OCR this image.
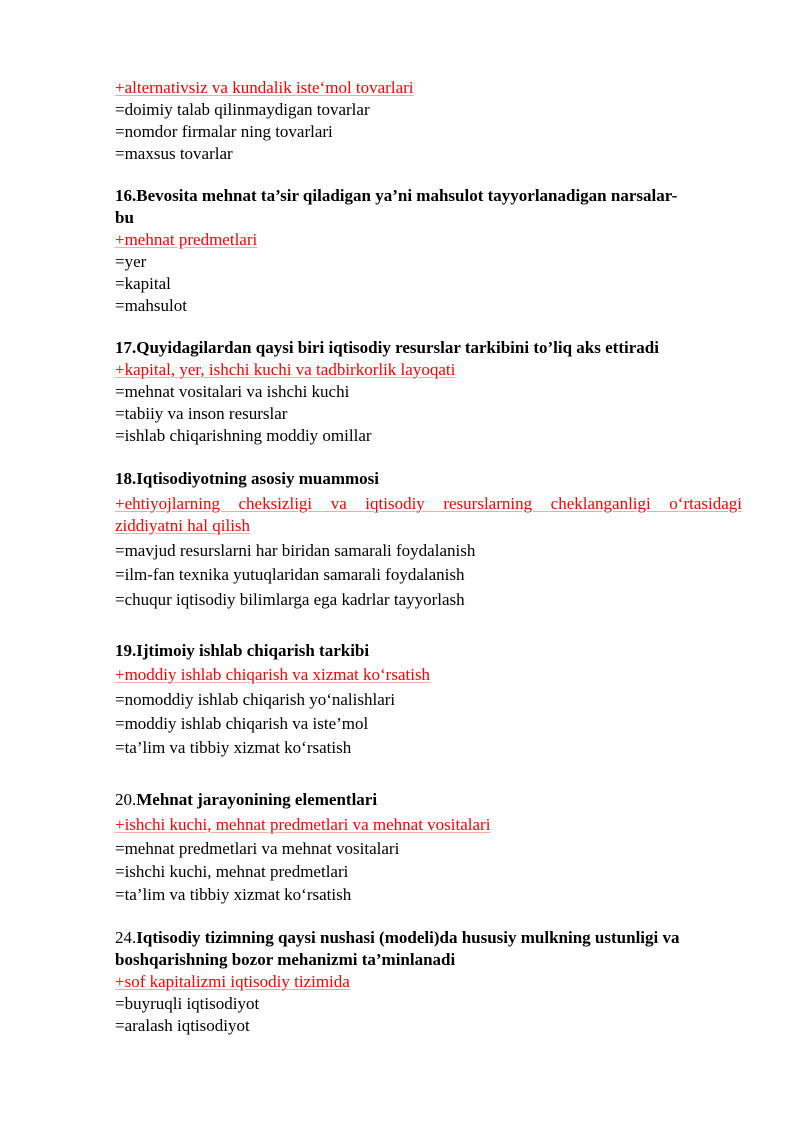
+alternativsiz va kundalik iste‘mol tovarlari

=doimiy talab qilinmaydigan tovarlar

=nomdor firmalar ning tovarlari

=maxsus tovarlar

16.Bevosita mehnat ta’sir qiladigan ya’ni mahsulot tayyorlanadigan narsalar-

bu

+mehnat predmetlari

=yer

=kapital

=mahsulot

17.Quyidagilardan qaysi biri iqtisodiy resurslar tarkibini to’liq aks ettiradi

+kapital, yer, ishchi kuchi va tadbirkorlik layoqati

=mehnat vositalari va ishchi kuchi

=tabiiy va inson resurslar

=ishlab chiqarishning moddiy omillar

18.Iqtisodiyotning asosiy muammosi

+ehtiyojlarning cheksizligi va iqtisodiy resurslarning cheklanganligi o‘rtasidagi

ziddiyatni hal qilish

=mavjud resurslarni har biridan samarali foydalanish

=ilm-fan texnika yutuqlaridan samarali foydalanish

=chuqur iqtisodiy bilimlarga ega kadrlar tayyorlash

19.Ijtimoiy ishlab chiqarish tarkibi

+moddiy ishlab chiqarish va xizmat ko‘rsatish

=nomoddiy ishlab chiqarish yo‘nalishlari

=moddiy ishlab chiqarish va iste’mol

=ta’lim va tibbiy xizmat ko‘rsatish

20.Mehnat jarayonining elementlari

+ishchi kuchi, mehnat predmetlari va mehnat vositalari

=mehnat predmetlari va mehnat vositalari

=ishchi kuchi, mehnat predmetlari

=ta’lim va tibbiy xizmat ko‘rsatish

24.Iqtisodiy tizimning qaysi nushasi (modeli)da hususiy mulkning ustunligi va

boshqarishning bozor mehanizmi ta’minlanadi

+sof kapitalizmi iqtisodiy tizimida

=buyruqli iqtisodiyot

=aralash iqtisodiyot
